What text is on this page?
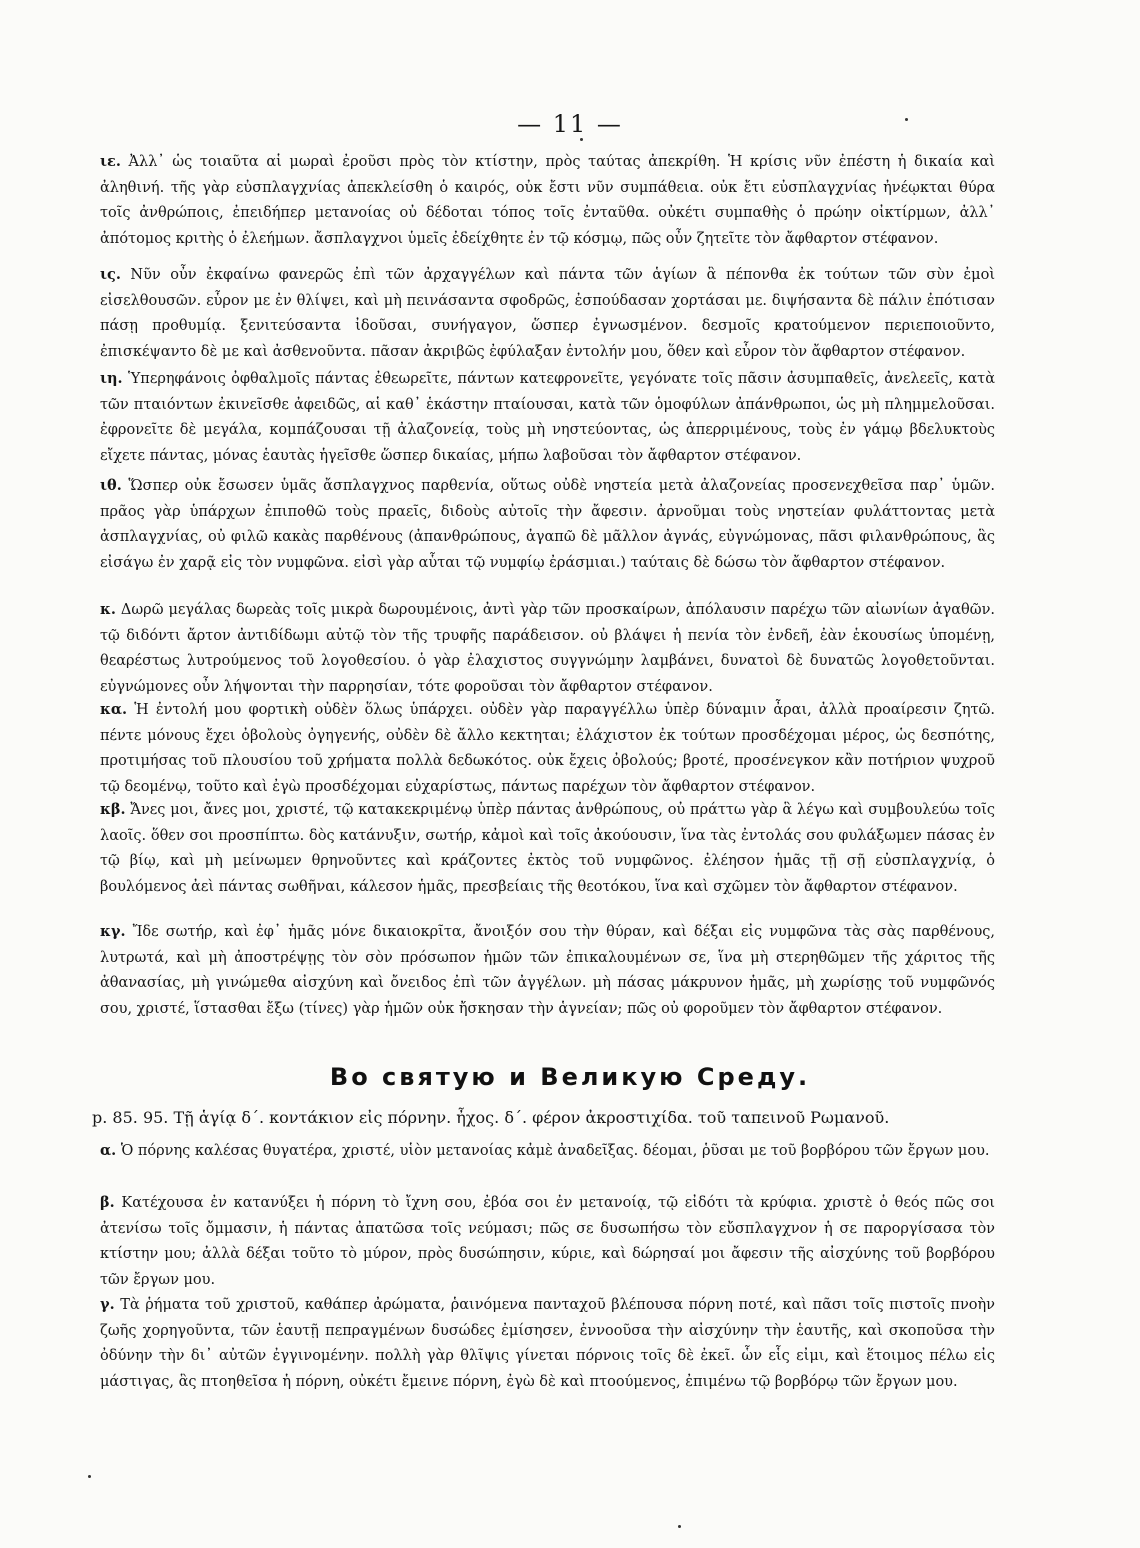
— 11 —
ιε. Ἀλλ᾽ ὡς τοιαῦτα αἱ μωραὶ ἐροῦσι πρὸς τὸν κτίστην, πρὸς ταύτας ἀπεκρίθη. Ἡ κρίσις νῦν ἐπέστη ἡ δικαία καὶ ἀληθινή. τῆς γὰρ εὐσπλαγχνίας ἀπεκλείσθη ὁ καιρός, οὐκ ἔστι νῦν συμπάθεια. οὐκ ἔτι εὐσπλαγχνίας ἠνέῳκται θύρα τοῖς ἀνθρώποις, ἐπειδήπερ μετανοίας οὐ δέδοται τόπος τοῖς ἐνταῦθα. οὐκέτι συμπαθὴς ὁ πρώην οἰκτίρμων, ἀλλ᾽ ἀπότομος κριτὴς ὁ ἐλεήμων. ἄσπλαγχνοι ὑμεῖς ἐδείχθητε ἐν τῷ κόσμῳ, πῶς οὖν ζητεῖτε τὸν ἄφθαρτον στέφανον.
ις. Νῦν οὖν ἐκφαίνω φανερῶς ἐπὶ τῶν ἀρχαγγέλων καὶ πάντα τῶν ἁγίων ἃ πέπονθα ἐκ τούτων τῶν σὺν ἐμοὶ εἰσελθουσῶν. εὗρον με ἐν θλίψει, καὶ μὴ πεινάσαντα σφοδρῶς, ἐσπούδασαν χορτάσαι με. διψήσαντα δὲ πάλιν ἐπότισαν πάσῃ προθυμίᾳ. ξενιτεύσαντα ἰδοῦσαι, συνήγαγον, ὥσπερ ἐγνωσμένον. δεσμοῖς κρατούμενον περιεποιοῦντο, ἐπισκέψαντο δὲ με καὶ ἀσθενοῦντα. πᾶσαν ἀκριβῶς ἐφύλαξαν ἐντολήν μου, ὅθεν καὶ εὗρον τὸν ἄφθαρτον στέφανον.
ιη. Ὑπερηφάνοις ὀφθαλμοῖς πάντας ἐθεωρεῖτε, πάντων κατεφρονεῖτε, γεγόνατε τοῖς πᾶσιν ἀσυμπαθεῖς, ἀνελεεῖς, κατὰ τῶν πταιόντων ἐκινεῖσθε ἀφειδῶς, αἱ καθ᾽ ἑκάστην πταίουσαι, κατὰ τῶν ὁμοφύλων ἀπάνθρωποι, ὡς μὴ πλημμελοῦσαι. ἐφρονεῖτε δὲ μεγάλα, κομπάζουσαι τῇ ἀλαζονείᾳ, τοὺς μὴ νηστεύοντας, ὡς ἀπερριμένους, τοὺς ἐν γάμῳ βδελυκτοὺς εἴχετε πάντας, μόνας ἑαυτὰς ἡγεῖσθε ὥσπερ δικαίας, μήπω λαβοῦσαι τὸν ἄφθαρτον στέφανον.
ιθ. Ὥσπερ οὐκ ἔσωσεν ὑμᾶς ἄσπλαγχνος παρθενία, οὕτως οὐδὲ νηστεία μετὰ ἀλαζονείας προσενεχθεῖσα παρ᾽ ὑμῶν. πρᾶος γὰρ ὑπάρχων ἐπιποθῶ τοὺς πραεῖς, διδοὺς αὐτοῖς τὴν ἄφεσιν. ἀρνοῦμαι τοὺς νηστείαν φυλάττοντας μετὰ ἀσπλαγχνίας, οὐ φιλῶ κακὰς παρθένους (ἀπανθρώπους, ἀγαπῶ δὲ μᾶλλον ἀγνάς, εὐγνώμονας, πᾶσι φιλανθρώπους, ἃς εἰσάγω ἐν χαρᾷ εἰς τὸν νυμφῶνα. εἰσὶ γὰρ αὗται τῷ νυμφίῳ ἐράσμιαι.) ταύταις δὲ δώσω τὸν ἄφθαρτον στέφανον.
κ. Δωρῶ μεγάλας δωρεὰς τοῖς μικρὰ δωρουμένοις, ἀντὶ γὰρ τῶν προσκαίρων, ἀπόλαυσιν παρέχω τῶν αἰωνίων ἀγαθῶν. τῷ διδόντι ἄρτον ἀντιδίδωμι αὐτῷ τὸν τῆς τρυφῆς παράδεισον. οὐ βλάψει ἡ πενία τὸν ἐνδεῆ, ἐὰν ἑκουσίως ὑπομένῃ, θεαρέστως λυτρούμενος τοῦ λογοθεσίου. ὁ γὰρ ἐλαχιστος συγγνώμην λαμβάνει, δυνατοὶ δὲ δυνατῶς λογοθετοῦνται. εὐγνώμονες οὖν λήψονται τὴν παρρησίαν, τότε φοροῦσαι τὸν ἄφθαρτον στέφανον.
κα. Ἡ ἐντολή μου φορτικὴ οὐδὲν ὅλως ὑπάρχει. οὐδὲν γὰρ παραγγέλλω ὑπὲρ δύναμιν ἆραι, ἀλλὰ προαίρεσιν ζητῶ. πέντε μόνους ἔχει ὀβολοὺς ὀγηγενής, οὐδὲν δὲ ἄλλο κεκτηται; ἐλάχιστον ἐκ τούτων προσδέχομαι μέρος, ὡς δεσπότης, προτιμήσας τοῦ πλουσίου τοῦ χρήματα πολλὰ δεδωκότος. οὐκ ἔχεις ὀβολούς; βροτέ, προσένεγκον κἂν ποτήριον ψυχροῦ τῷ δεομένῳ, τοῦτο καὶ ἐγὼ προσδέχομαι εὐχαρίστως, πάντως παρέχων τὸν ἄφθαρτον στέφανον.
κβ. Ἄνες μοι, ἄνες μοι, χριστέ, τῷ κατακεκριμένῳ ὑπὲρ πάντας ἀνθρώπους, οὐ πράττω γὰρ ἃ λέγω καὶ συμβουλεύω τοῖς λαοῖς. ὅθεν σοι προσπίπτω. δὸς κατάνυξιν, σωτήρ, κἀμοὶ καὶ τοῖς ἀκούουσιν, ἵνα τὰς ἐντολάς σου φυλάξωμεν πάσας ἐν τῷ βίῳ, καὶ μὴ μείνωμεν θρηνοῦντες καὶ κράζοντες ἐκτὸς τοῦ νυμφῶνος. ἐλέησον ἡμᾶς τῇ σῇ εὐσπλαγχνίᾳ, ὁ βουλόμενος ἀεὶ πάντας σωθῆναι, κάλεσον ἡμᾶς, πρεσβείαις τῆς θεοτόκου, ἵνα καὶ σχῶμεν τὸν ἄφθαρτον στέφανον.
κγ. Ἴδε σωτήρ, καὶ ἐφ᾽ ἡμᾶς μόνε δικαιοκρῖτα, ἄνοιξόν σου τὴν θύραν, καὶ δέξαι εἰς νυμφῶνα τὰς σὰς παρθένους, λυτρωτά, καὶ μὴ ἀποστρέψῃς τὸν σὸν πρόσωπον ἡμῶν τῶν ἐπικαλουμένων σε, ἵνα μὴ στερηθῶμεν τῆς χάριτος τῆς ἀθανασίας, μὴ γινώμεθα αἰσχύνη καὶ ὄνειδος ἐπὶ τῶν ἀγγέλων. μὴ πάσας μάκρυνον ἡμᾶς, μὴ χωρίσῃς τοῦ νυμφῶνός σου, χριστέ, ἵστασθαι ἔξω (τίνες) γὰρ ἡμῶν οὐκ ἤσκησαν τὴν ἁγνείαν; πῶς οὐ φοροῦμεν τὸν ἄφθαρτον στέφανον.
Во святую и Великую Среду.
р. 85. 95. Τῇ ἁγίᾳ δ΄. κοντάκιον εἰς πόρνην. ἦχος. δ΄. φέρον ἀκροστιχίδα. τοῦ ταπεινοῦ Ρωμανοῦ.
α. Ὁ πόρνης καλέσας θυγατέρα, χριστέ, υἱὸν μετανοίας κἀμὲ ἀναδεῖξας. δέομαι, ῥῦσαι με τοῦ βορβόρου τῶν ἔργων μου.
β. Κατέχουσα ἐν κατανύξει ἡ πόρνη τὸ ἴχνη σου, ἐβόα σοι ἐν μετανοίᾳ, τῷ εἰδότι τὰ κρύφια. χριστὲ ὁ θεός πῶς σοι ἀτενίσω τοῖς ὄμμασιν, ἡ πάντας ἀπατῶσα τοῖς νεύμασι; πῶς σε δυσωπήσω τὸν εὔσπλαγχνον ἡ σε παροργίσασα τὸν κτίστην μου; ἀλλὰ δέξαι τοῦτο τὸ μύρον, πρὸς δυσώπησιν, κύριε, καὶ δώρησαί μοι ἄφεσιν τῆς αἰσχύνης τοῦ βορβόρου τῶν ἔργων μου.
γ. Τὰ ῥήματα τοῦ χριστοῦ, καθάπερ ἀρώματα, ῥαινόμενα πανταχοῦ βλέπουσα πόρνη ποτέ, καὶ πᾶσι τοῖς πιστοῖς πνοὴν ζωῆς χορηγοῦντα, τῶν ἑαυτῇ πεπραγμένων δυσώδες ἐμίσησεν, ἐννοοῦσα τὴν αἰσχύνην τὴν ἑαυτῆς, καὶ σκοποῦσα τὴν ὀδύνην τὴν δι᾽ αὐτῶν ἐγγινομένην. πολλὴ γὰρ θλῖψις γίνεται πόρνοις τοῖς δὲ ἐκεῖ. ὧν εἷς εἰμι, καὶ ἕτοιμος πέλω εἰς μάστιγας, ἃς πτοηθεῖσα ἡ πόρνη, οὐκέτι ἔμεινε πόρνη, ἐγὼ δὲ καὶ πτοούμενος, ἐπιμένω τῷ βορβόρῳ τῶν ἔργων μου.
